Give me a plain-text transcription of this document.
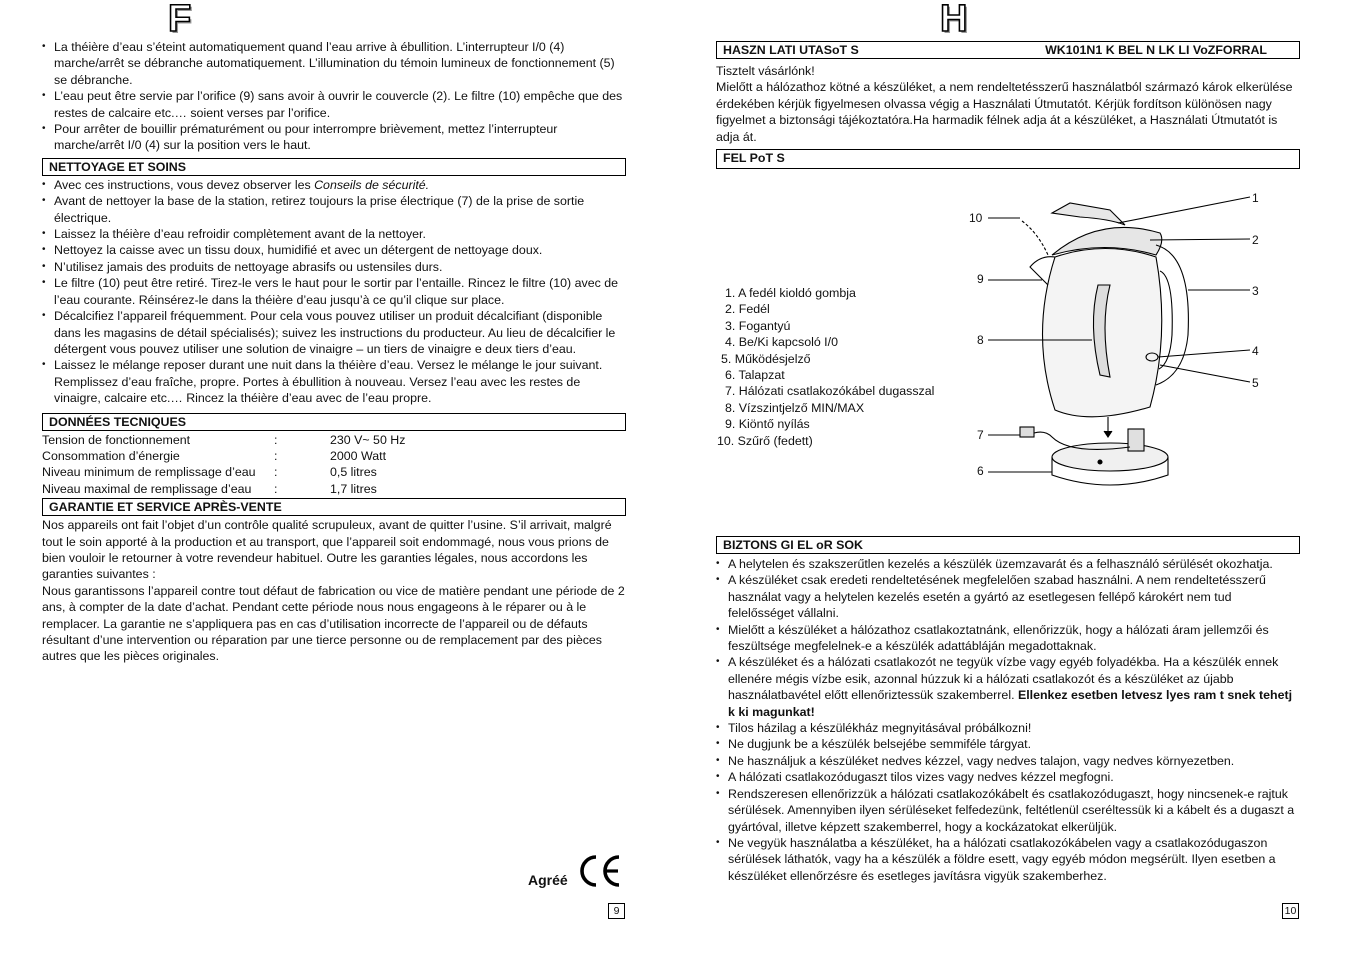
F
• La théière d’eau s’éteint automatiquement quand l’eau arrive à ébullition. L’interrupteur I/0 (4) marche/arrêt se débranche automatiquement. L’illumination du témoin lumineux de fonctionnement (5) se débranche.
• L’eau peut être servie par l’orifice (9) sans avoir à ouvrir le couvercle (2). Le filtre (10) empêche que des restes de calcaire etc.… soient verses par l’orifice.
• Pour arrêter de bouillir prématurément ou pour interrompre brièvement, mettez l’interrupteur marche/arrêt I/0 (4) sur la position vers le haut.
NETTOYAGE ET SOINS
• Avec ces instructions, vous devez observer les Conseils de sécurité.
• Avant de nettoyer la base de la station, retirez toujours la prise électrique (7) de la prise de sortie électrique.
• Laissez la théière d’eau refroidir complètement avant de la nettoyer.
• Nettoyez la caisse avec un tissu doux, humidifié et avec un détergent de nettoyage doux.
• N’utilisez jamais des produits de nettoyage abrasifs ou ustensiles durs.
• Le filtre (10) peut être retiré. Tirez-le vers le haut pour le sortir par l’entaille. Rincez le filtre (10) avec de l’eau courante. Réinsérez-le dans la théière d’eau jusqu’à ce qu’il clique sur place.
• Décalcifiez l’appareil fréquemment. Pour cela vous pouvez utiliser un produit décalcifiant (disponible dans les magasins de détail spécialisés); suivez les instructions du producteur. Au lieu de décalcifier le détergent vous pouvez utiliser une solution de vinaigre – un tiers de vinaigre e deux tiers d’eau.
• Laissez le mélange reposer durant une nuit dans la théière d’eau. Versez le mélange le jour suivant. Remplissez d’eau fraîche, propre. Portes à ébullition à nouveau. Versez l’eau avec les restes de vinaigre, calcaire etc.… Rincez la théière d’eau avec de l’eau propre.
DONNÉES TECNIQUES
Tension de fonctionnement	:	230 V~ 50 Hz
Consommation d’énergie	:	2000 Watt
Niveau minimum de remplissage d’eau	:	0,5 litres
Niveau maximal de remplissage d’eau	:	1,7 litres
GARANTIE ET SERVICE APRÈS-VENTE

Nos appareils ont fait l’objet d’un contrôle qualité scrupuleux, avant de quitter l’usine. S’il arrivait, malgré tout le soin apporté à la production et au transport, que l’appareil soit endommagé, nous vous prions de bien vouloir le retourner à votre revendeur habituel. Outre les garanties légales, nous accordons les garanties suivantes :

Nous garantissons l’appareil contre tout défaut de fabrication ou vice de matière pendant une période de 2 ans, à compter de la date d’achat. Pendant cette période nous nous engageons à le réparer ou à le remplacer. La garantie ne s’appliquera pas en cas d’utilisation incorrecte de l’appareil ou de défauts résultant d’une intervention ou réparation par une tierce personne ou de remplacement par des pièces autres que les pièces originales.

Agréé
9
H
HASZN LATI UTASoT S	WK101N1 K BEL N LK LI VoZFORRAL

Tisztelt vásárlónk!

Mielőtt a hálózathoz kötné a készüléket, a nem rendeltetésszerű használatból származó károk elkerülése érdekében kérjük figyelmesen olvassa végig a Használati Útmutatót. Kérjük fordítson különösen nagy figyelmet a biztonsági tájékoztatóra.Ha harmadik félnek adja át a készüléket, a Használati Útmutatót is adja át.

FEL PoT S
1. A fedél kioldó gombja
2. Fedél
3. Fogantyú
4. Be/Ki kapcsoló I/0
5. Működésjelző
6. Talapzat
7. Hálózati csatlakozókábel dugasszal
8. Vízszintjelző MIN/MAX
9. Kiöntő nyílás
10. Szűrő (fedett)
1
2
3
4
5
6
7
8
9
10
BIZTONS GI EL oR SOK
• A helytelen és szakszerűtlen kezelés a készülék üzemzavarát és a felhasználó sérülését okozhatja.
• A készüléket csak eredeti rendeltetésének megfelelően szabad használni. A nem rendeltetésszerű használat vagy a helytelen kezelés esetén a gyártó az esetlegesen fellépő károkért nem tud felelősséget vállalni.
• Mielőtt a készüléket a hálózathoz csatlakoztatnánk, ellenőrizzük, hogy a hálózati áram jellemzői és feszültsége megfelelnek-e a készülék adattábláján megadottaknak.
• A készüléket és a hálózati csatlakozót ne tegyük vízbe vagy egyéb folyadékba. Ha a készülék ennek ellenére mégis vízbe esik, azonnal húzzuk ki a hálózati csatlakozót és a készüléket az újabb használatbavétel előtt ellenőriztessük szakemberrel. Ellenkez esetben letvesz lyes ram t snek tehetj k ki magunkat!
• Tilos házilag a készülékház megnyitásával próbálkozni!
• Ne dugjunk be a készülék belsejébe semmiféle tárgyat.
• Ne használjuk a készüléket nedves kézzel, vagy nedves talajon, vagy nedves környezetben.
• A hálózati csatlakozódugaszt tilos vizes vagy nedves kézzel megfogni.
• Rendszeresen ellenőrizzük a hálózati csatlakozókábelt és csatlakozódugaszt, hogy nincsenek-e rajtuk sérülések. Amennyiben ilyen sérüléseket felfedezünk, feltétlenül cseréltessük ki a kábelt és a dugaszt a gyártóval, illetve képzett szakemberrel, hogy a kockázatokat elkerüljük.
• Ne vegyük használatba a készüléket, ha a hálózati csatlakozókábelen vagy a csatlakozódugaszon sérülések láthatók, vagy ha a készülék a földre esett, vagy egyéb módon megsérült. Ilyen esetben a készüléket ellenőrzésre és esetleges javításra vigyük szakemberhez.
10
